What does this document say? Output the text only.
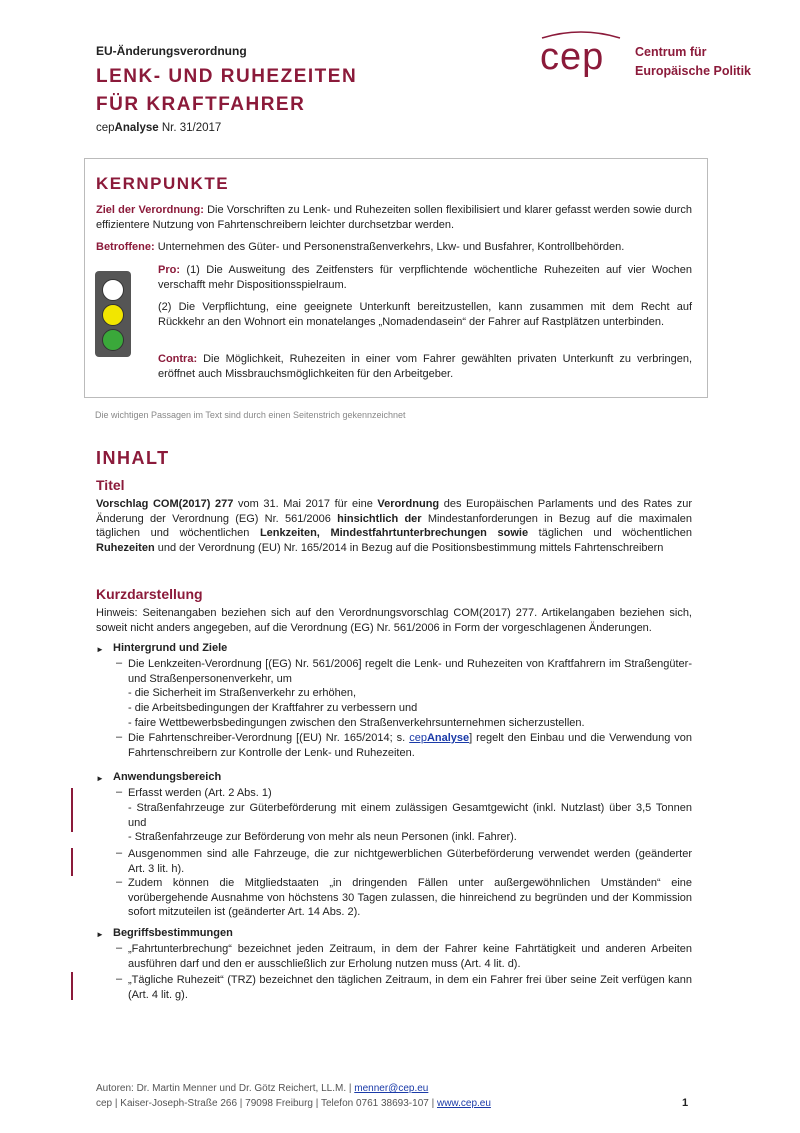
EU-Änderungsverordnung
LENK- UND RUHEZEITEN
FÜR KRAFTFAHRER
cepAnalyse Nr. 31/2017
cep Centrum für
Europäische Politik
KERNPUNKTE
Ziel der Verordnung: Die Vorschriften zu Lenk- und Ruhezeiten sollen flexibilisiert und klarer gefasst werden sowie durch effizientere Nutzung von Fahrtenschreibern leichter durchsetzbar werden.
Betroffene: Unternehmen des Güter- und Personenstraßenverkehrs, Lkw- und Busfahrer, Kontrollbehörden.
Pro: (1) Die Ausweitung des Zeitfensters für verpflichtende wöchentliche Ruhezeiten auf vier Wochen verschafft mehr Dispositionsspielraum.
(2) Die Verpflichtung, eine geeignete Unterkunft bereitzustellen, kann zusammen mit dem Recht auf Rückkehr an den Wohnort ein monatelanges „Nomadendasein“ der Fahrer auf Rastplätzen unterbinden.
Contra: Die Möglichkeit, Ruhezeiten in einer vom Fahrer gewählten privaten Unterkunft zu verbringen, eröffnet auch Missbrauchsmöglichkeiten für den Arbeitgeber.
Die wichtigen Passagen im Text sind durch einen Seitenstrich gekennzeichnet
INHALT
Titel
Vorschlag COM(2017) 277 vom 31. Mai 2017 für eine Verordnung des Europäischen Parlaments und des Rates zur Änderung der Verordnung (EG) Nr. 561/2006 hinsichtlich der Mindestanforderungen in Bezug auf die maximalen täglichen und wöchentlichen Lenkzeiten, Mindestfahrtunterbrechungen sowie täglichen und wöchentlichen Ruhezeiten und der Verordnung (EU) Nr. 165/2014 in Bezug auf die Positionsbestimmung mittels Fahrtenschreibern
Kurzdarstellung
Hinweis: Seitenangaben beziehen sich auf den Verordnungsvorschlag COM(2017) 277. Artikelangaben beziehen sich, soweit nicht anders angegeben, auf die Verordnung (EG) Nr. 561/2006 in Form der vorgeschlagenen Änderungen.
► Hintergrund und Ziele
– Die Lenkzeiten-Verordnung [(EG) Nr. 561/2006] regelt die Lenk- und Ruhezeiten von Kraftfahrern im Straßengüter- und Straßenpersonenverkehr, um
- die Sicherheit im Straßenverkehr zu erhöhen,
- die Arbeitsbedingungen der Kraftfahrer zu verbessern und
- faire Wettbewerbsbedingungen zwischen den Straßenverkehrsunternehmen sicherzustellen.
– Die Fahrtenschreiber-Verordnung [(EU) Nr. 165/2014; s. cepAnalyse] regelt den Einbau und die Verwendung von Fahrtenschreibern zur Kontrolle der Lenk- und Ruhezeiten.
► Anwendungsbereich
– Erfasst werden (Art. 2 Abs. 1)
- Straßenfahrzeuge zur Güterbeförderung mit einem zulässigen Gesamtgewicht (inkl. Nutzlast) über 3,5 Tonnen und
- Straßenfahrzeuge zur Beförderung von mehr als neun Personen (inkl. Fahrer).
– Ausgenommen sind alle Fahrzeuge, die zur nichtgewerblichen Güterbeförderung verwendet werden (geänderter Art. 3 lit. h).
– Zudem können die Mitgliedstaaten „in dringenden Fällen unter außergewöhnlichen Umständen“ eine vorübergehende Ausnahme von höchstens 30 Tagen zulassen, die hinreichend zu begründen und der Kommission sofort mitzuteilen ist (geänderter Art. 14 Abs. 2).
► Begriffsbestimmungen
– „Fahrtunterbrechung“ bezeichnet jeden Zeitraum, in dem der Fahrer keine Fahrtätigkeit und anderen Arbeiten ausführen darf und den er ausschließlich zur Erholung nutzen muss (Art. 4 lit. d).
– „Tägliche Ruhezeit“ (TRZ) bezeichnet den täglichen Zeitraum, in dem ein Fahrer frei über seine Zeit verfügen kann (Art. 4 lit. g).
Autoren: Dr. Martin Menner und Dr. Götz Reichert, LL.M. | menner@cep.eu
cep | Kaiser-Joseph-Straße 266 | 79098 Freiburg | Telefon 0761 38693-107 | www.cep.eu	1
